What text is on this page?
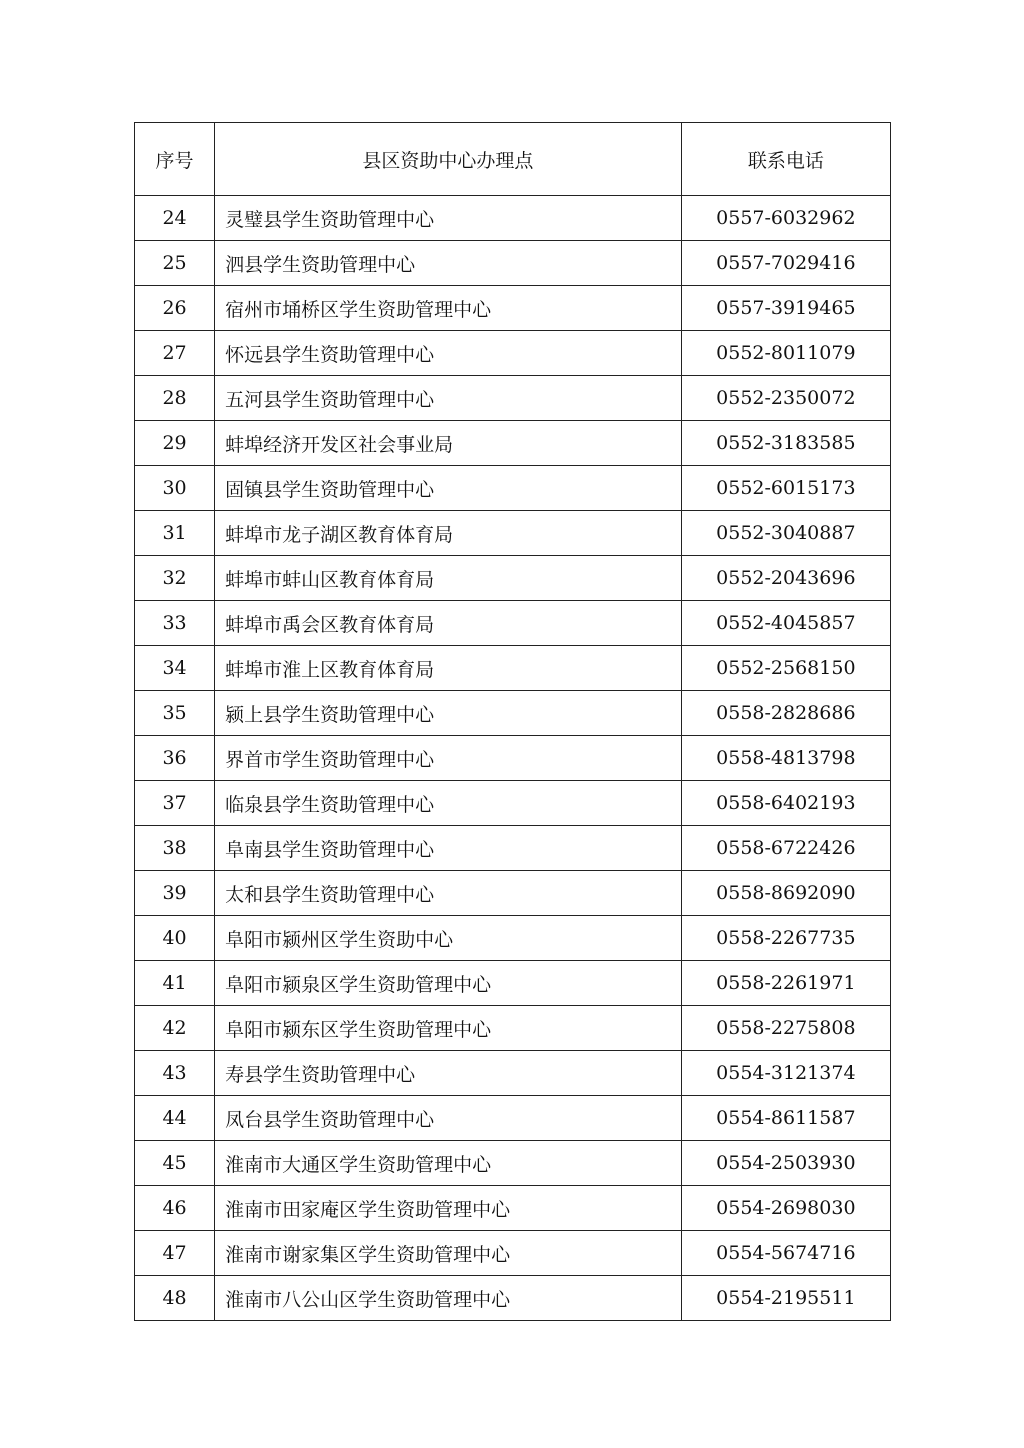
序号	县区资助中心办理点	联系电话
24	灵璧县学生资助管理中心	0557-6032962
25	泗县学生资助管理中心	0557-7029416
26	宿州市埇桥区学生资助管理中心	0557-3919465
27	怀远县学生资助管理中心	0552-8011079
28	五河县学生资助管理中心	0552-2350072
29	蚌埠经济开发区社会事业局	0552-3183585
30	固镇县学生资助管理中心	0552-6015173
31	蚌埠市龙子湖区教育体育局	0552-3040887
32	蚌埠市蚌山区教育体育局	0552-2043696
33	蚌埠市禹会区教育体育局	0552-4045857
34	蚌埠市淮上区教育体育局	0552-2568150
35	颍上县学生资助管理中心	0558-2828686
36	界首市学生资助管理中心	0558-4813798
37	临泉县学生资助管理中心	0558-6402193
38	阜南县学生资助管理中心	0558-6722426
39	太和县学生资助管理中心	0558-8692090
40	阜阳市颍州区学生资助中心	0558-2267735
41	阜阳市颍泉区学生资助管理中心	0558-2261971
42	阜阳市颍东区学生资助管理中心	0558-2275808
43	寿县学生资助管理中心	0554-3121374
44	凤台县学生资助管理中心	0554-8611587
45	淮南市大通区学生资助管理中心	0554-2503930
46	淮南市田家庵区学生资助管理中心	0554-2698030
47	淮南市谢家集区学生资助管理中心	0554-5674716
48	淮南市八公山区学生资助管理中心	0554-2195511
